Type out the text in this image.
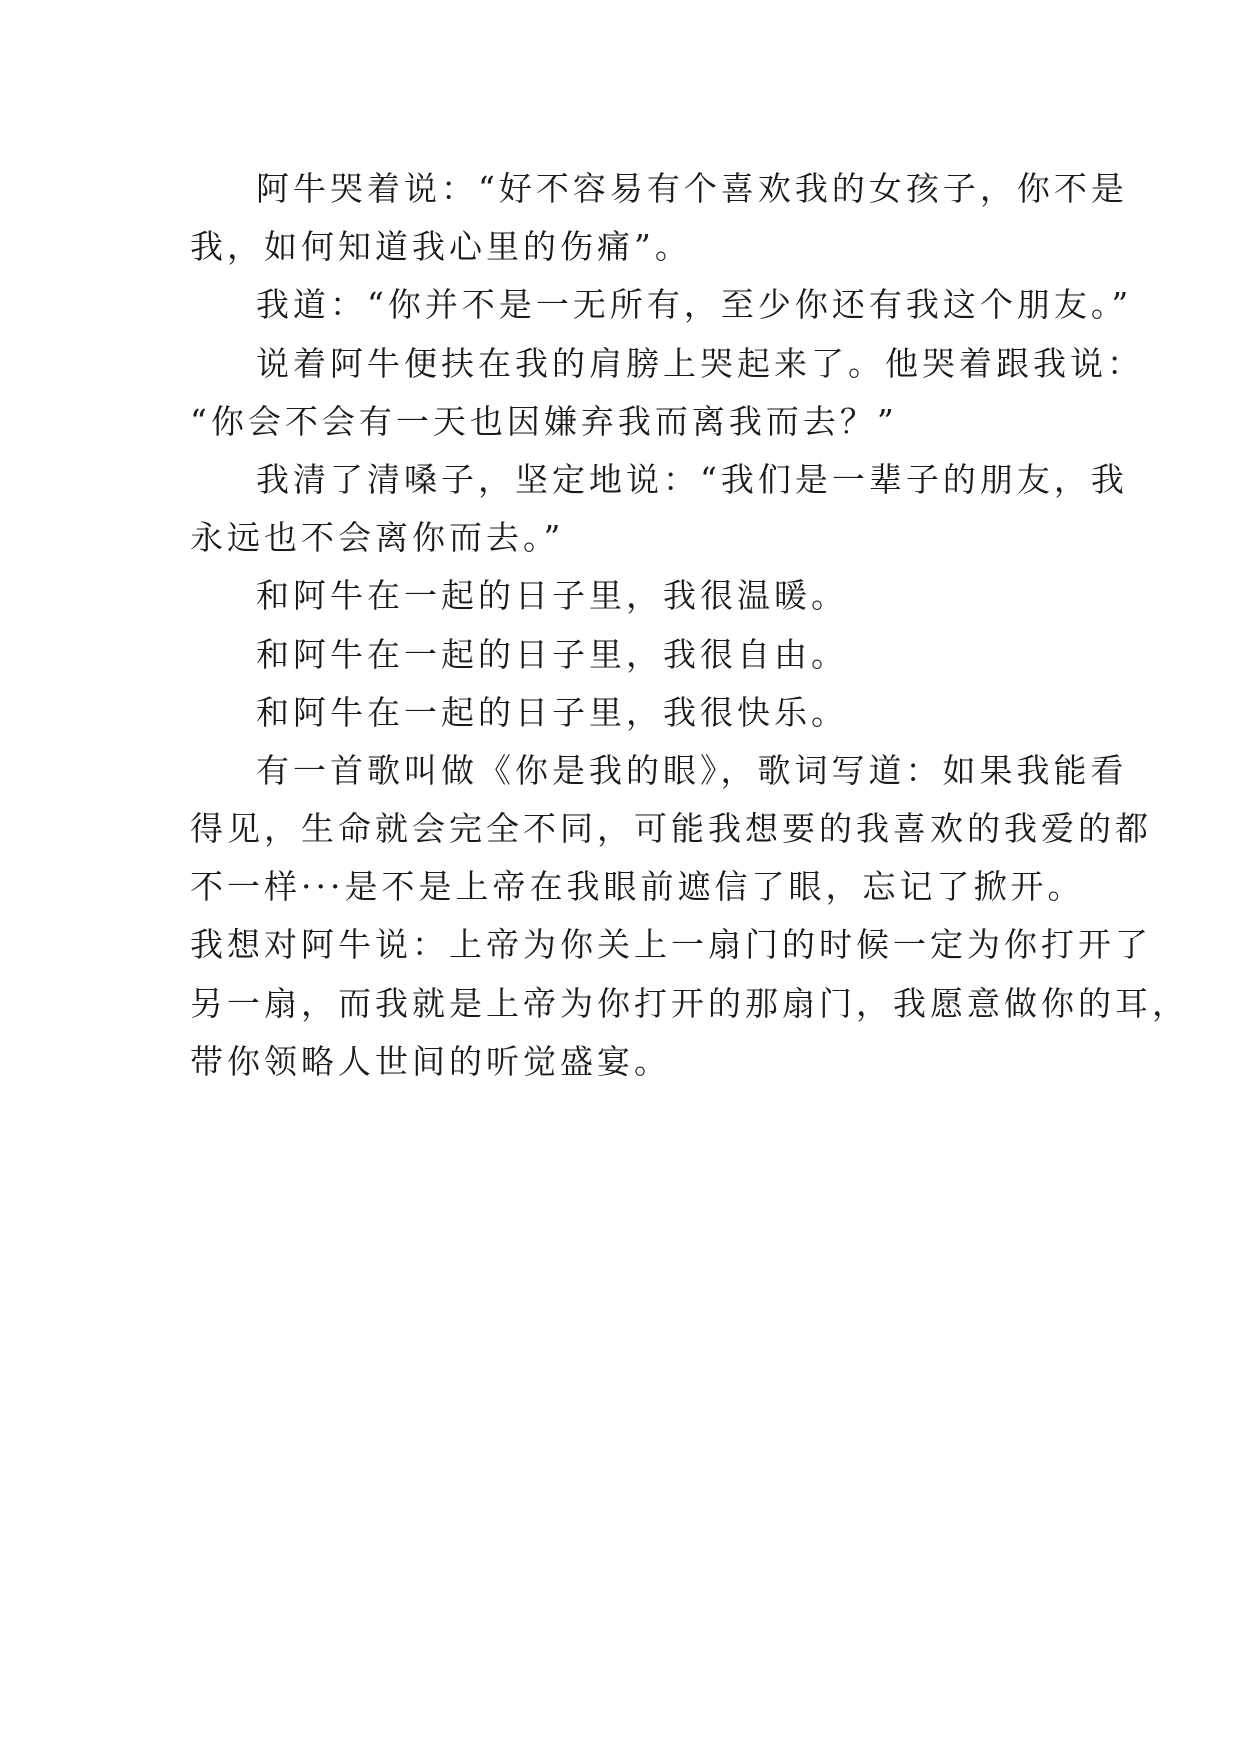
阿牛哭着说：“好不容易有个喜欢我的女孩子，你不是
我，如何知道我心里的伤痛”。
我道：“你并不是一无所有，至少你还有我这个朋友。”
说着阿牛便扶在我的肩膀上哭起来了。他哭着跟我说：
“你会不会有一天也因嫌弃我而离我而去？”
我清了清嗓子，坚定地说：“我们是一辈子的朋友，我
永远也不会离你而去。”
和阿牛在一起的日子里，我很温暖。
和阿牛在一起的日子里，我很自由。
和阿牛在一起的日子里，我很快乐。
有一首歌叫做《你是我的眼》，歌词写道：如果我能看
得见，生命就会完全不同，可能我想要的我喜欢的我爱的都
不一样···是不是上帝在我眼前遮信了眼，忘记了掀开。
我想对阿牛说：上帝为你关上一扇门的时候一定为你打开了
另一扇，而我就是上帝为你打开的那扇门，我愿意做你的耳，
带你领略人世间的听觉盛宴。
